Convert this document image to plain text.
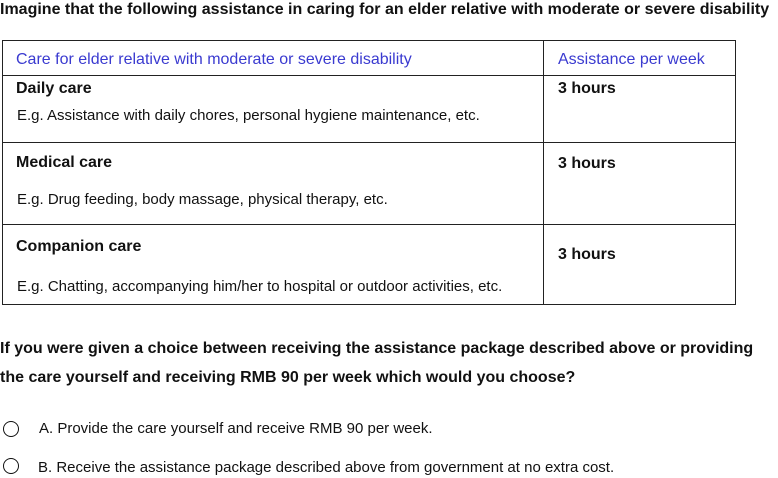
Imagine that the following assistance in caring for an elder relative with moderate or severe disability
Care for elder relative with moderate or severe disability	Assistance per week
Daily care
E.g. Assistance with daily chores, personal hygiene maintenance, etc.
3 hours
Medical care
E.g. Drug feeding, body massage, physical therapy, etc.
3 hours
Companion care
E.g. Chatting, accompanying him/her to hospital or outdoor activities, etc.
3 hours
If you were given a choice between receiving the assistance package described above or providing
the care yourself and receiving RMB 90 per week which would you choose?
A. Provide the care yourself and receive RMB 90 per week.
B. Receive the assistance package described above from government at no extra cost.
